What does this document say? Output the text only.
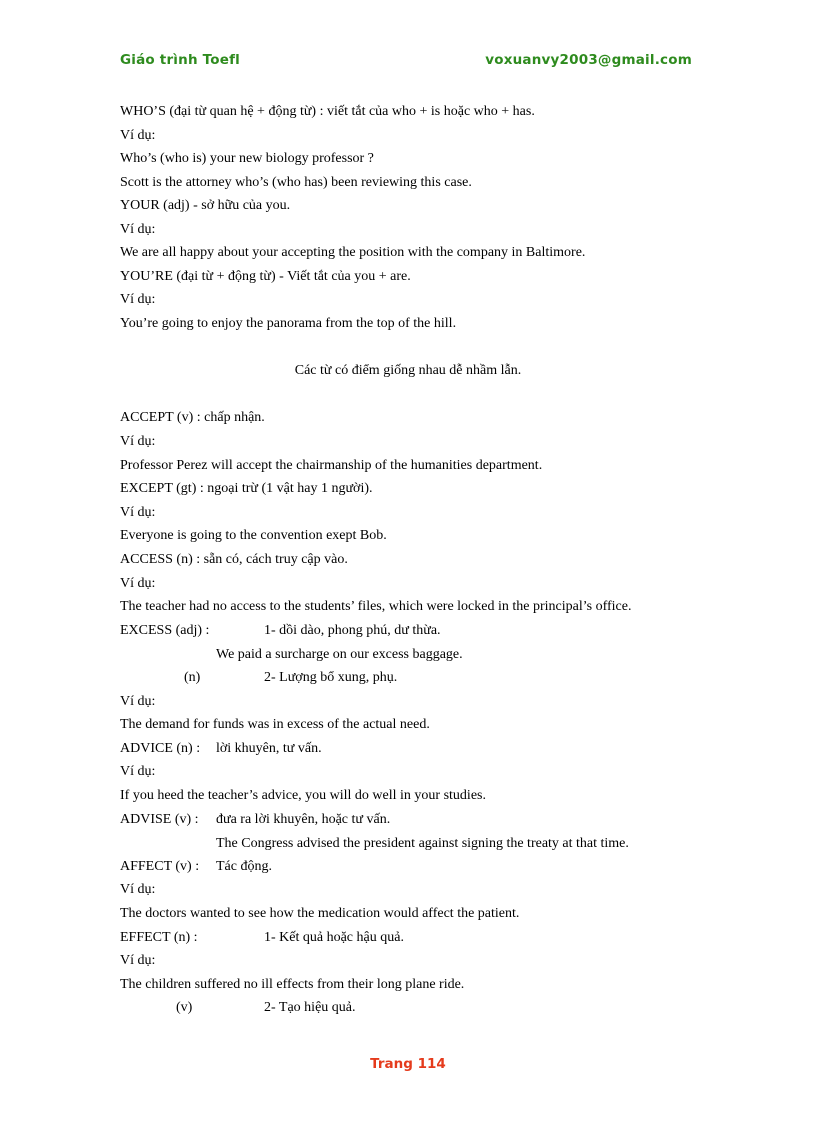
Giáo trình Toefl	voxuanvy2003@gmail.com
WHO’S (đại từ quan hệ + động từ) : viết tắt của who + is hoặc who + has.
Ví dụ:
Who’s (who is) your new biology professor ?
Scott is the attorney who’s (who has) been reviewing this case.
YOUR (adj) - sở hữu của you.
Ví dụ:
We are all happy about your accepting the position with the company in Baltimore.
YOU’RE (đại từ + động từ) - Viết tắt của you + are.
Ví dụ:
You’re going to enjoy the panorama from the top of the hill.
Các từ có điểm giống nhau dễ nhầm lẫn.
ACCEPT (v) : chấp nhận.
Ví dụ:
Professor Perez will accept the chairmanship of the humanities department.
EXCEPT (gt) : ngoại trừ (1 vật hay 1 người).
Ví dụ:
Everyone is going to the convention exept Bob.
ACCESS (n) : sẵn có, cách truy cập vào.
Ví dụ:
The teacher had no access to the students’ files, which were locked in the principal’s office.
EXCESS (adj) :	1- dồi dào, phong phú, dư thừa.
We paid a surcharge on our excess baggage.
(n)	2- Lượng bổ xung, phụ.
Ví dụ:
The demand for funds was in excess of the actual need.
ADVICE (n) : lời khuyên, tư vấn.
Ví dụ:
If you heed the teacher’s advice, you will do well in your studies.
ADVISE (v) : đưa ra lời khuyên, hoặc tư vấn.
The Congress advised the president against signing the treaty at that time.
AFFECT (v) : Tác động.
Ví dụ:
The doctors wanted to see how the medication would affect the patient.
EFFECT (n) :	1- Kết quả hoặc hậu quả.
Ví dụ:
The children suffered no ill effects from their long plane ride.
(v)	2- Tạo hiệu quả.
Trang 114
